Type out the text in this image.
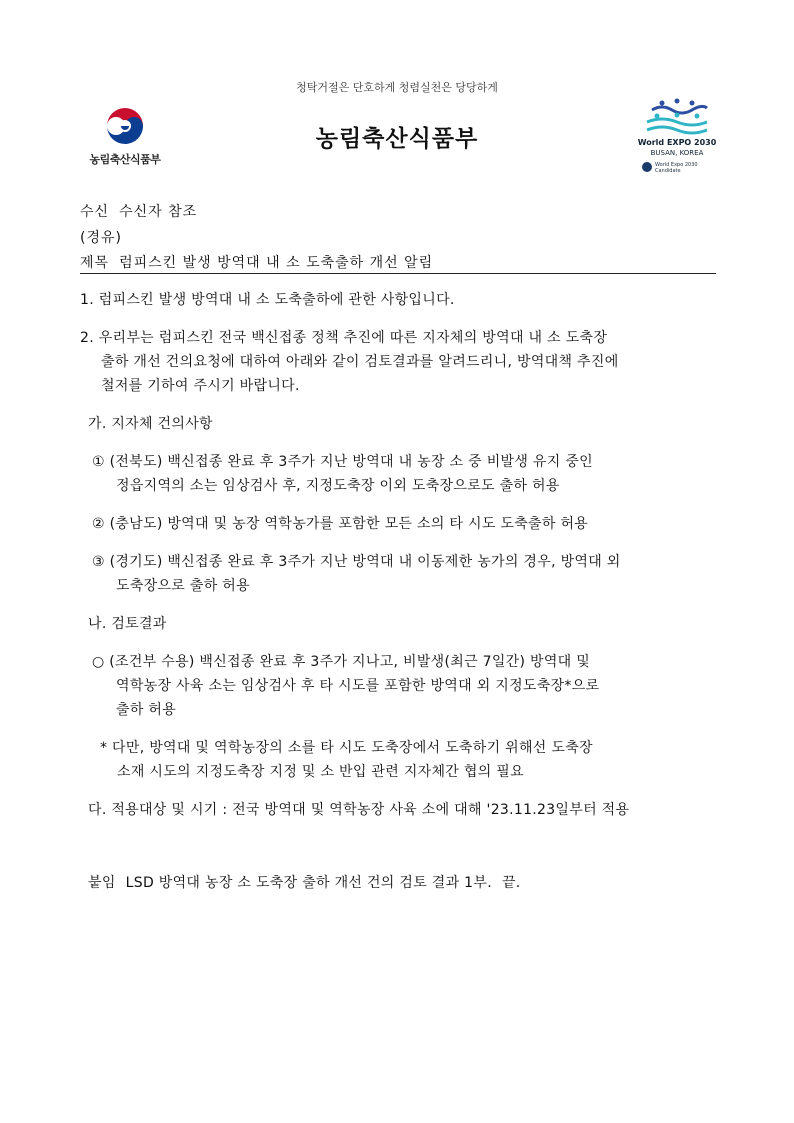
청탁거절은 단호하게 청렴실천은 당당하게
농림축산식품부
농림축산식품부	World EXPO 2030
BUSAN, KOREA
World Expo 2030
Candidate
수신 수신자 참조
(경유)
제목 럼피스킨 발생 방역대 내 소 도축출하 개선 알림
1. 럼피스킨 발생 방역대 내 소 도축출하에 관한 사항입니다.
2. 우리부는 럼피스킨 전국 백신접종 정책 추진에 따른 지자체의 방역대 내 소 도축장
출하 개선 건의요청에 대하여 아래와 같이 검토결과를 알려드리니, 방역대책 추진에
철저를 기하여 주시기 바랍니다.
가. 지자체 건의사항
① (전북도) 백신접종 완료 후 3주가 지난 방역대 내 농장 소 중 비발생 유지 중인
정읍지역의 소는 임상검사 후, 지정도축장 이외 도축장으로도 출하 허용
② (충남도) 방역대 및 농장 역학농가를 포함한 모든 소의 타 시도 도축출하 허용
③ (경기도) 백신접종 완료 후 3주가 지난 방역대 내 이동제한 농가의 경우, 방역대 외
도축장으로 출하 허용
나. 검토결과
○ (조건부 수용) 백신접종 완료 후 3주가 지나고, 비발생(최근 7일간) 방역대 및
역학농장 사육 소는 임상검사 후 타 시도를 포함한 방역대 외 지정도축장*으로
출하 허용
* 다만, 방역대 및 역학농장의 소를 타 시도 도축장에서 도축하기 위해선 도축장
소재 시도의 지정도축장 지정 및 소 반입 관련 지자체간 협의 필요
다. 적용대상 및 시기 : 전국 방역대 및 역학농장 사육 소에 대해 '23.11.23일부터 적용
붙임 LSD 방역대 농장 소 도축장 출하 개선 건의 검토 결과 1부. 끝.
